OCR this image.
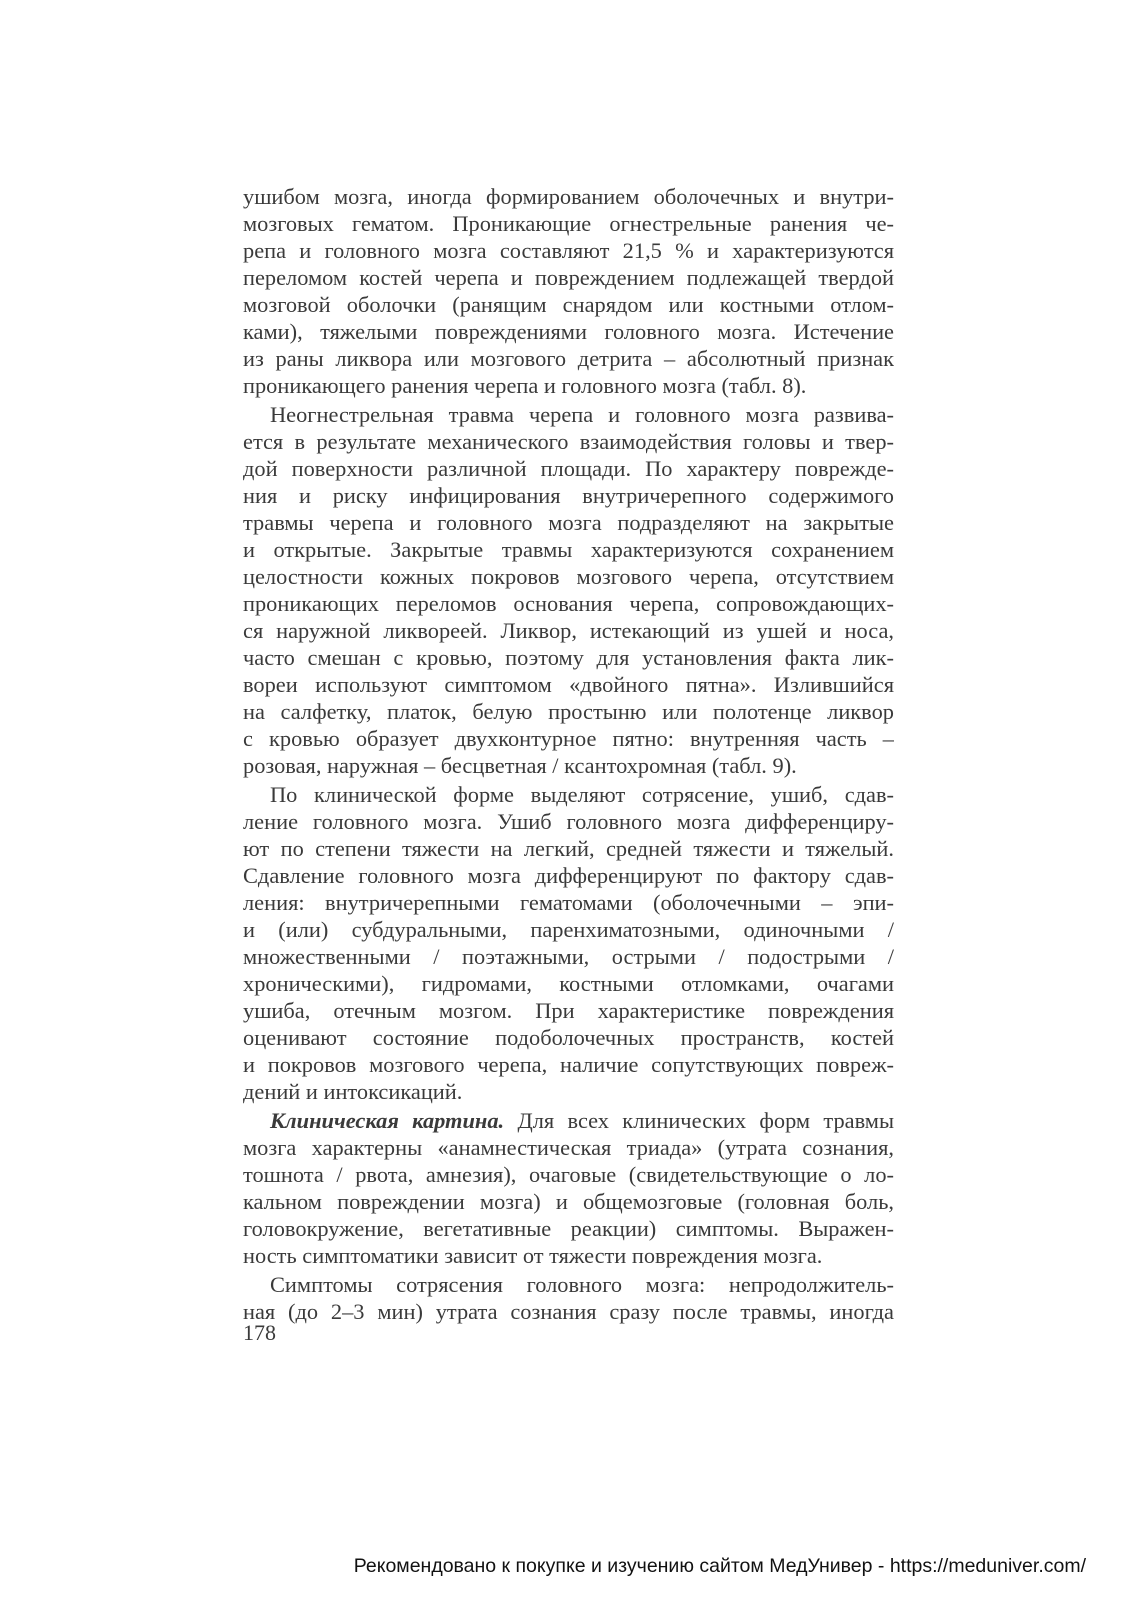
ушибом мозга, иногда формированием оболочечных и внутри-
мозговых гематом. Проникающие огнестрельные ранения че-
репа и головного мозга составляют 21,5 % и характеризуются
переломом костей черепа и повреждением подлежащей твердой
мозговой оболочки (ранящим снарядом или костными отлом-
ками), тяжелыми повреждениями головного мозга. Истечение
из раны ликвора или мозгового детрита – абсолютный признак
проникающего ранения черепа и головного мозга (табл. 8).
Неогнестрельная травма черепа и головного мозга развива-
ется в результате механического взаимодействия головы и твер-
дой поверхности различной площади. По характеру поврежде-
ния и риску инфицирования внутричерепного содержимого
травмы черепа и головного мозга подразделяют на закрытые
и открытые. Закрытые травмы характеризуются сохранением
целостности кожных покровов мозгового черепа, отсутствием
проникающих переломов основания черепа, сопровождающих-
ся наружной ликвореей. Ликвор, истекающий из ушей и носа,
часто смешан с кровью, поэтому для установления факта лик-
вореи используют симптомом «двойного пятна». Излившийся
на салфетку, платок, белую простыню или полотенце ликвор
с кровью образует двухконтурное пятно: внутренняя часть –
розовая, наружная – бесцветная / ксантохромная (табл. 9).
По клинической форме выделяют сотрясение, ушиб, сдав-
ление головного мозга. Ушиб головного мозга дифференциру-
ют по степени тяжести на легкий, средней тяжести и тяжелый.
Сдавление головного мозга дифференцируют по фактору сдав-
ления: внутричерепными гематомами (оболочечными – эпи-
и (или) субдуральными, паренхиматозными, одиночными /
множественными / поэтажными, острыми / подострыми /
хроническими), гидромами, костными отломками, очагами
ушиба, отечным мозгом. При характеристике повреждения
оценивают состояние подоболочечных пространств, костей
и покровов мозгового черепа, наличие сопутствующих повреж-
дений и интоксикаций.
Клиническая картина. Для всех клинических форм травмы
мозга характерны «анамнестическая триада» (утрата сознания,
тошнота / рвота, амнезия), очаговые (свидетельствующие о ло-
кальном повреждении мозга) и общемозговые (головная боль,
головокружение, вегетативные реакции) симптомы. Выражен-
ность симптоматики зависит от тяжести повреждения мозга.
Симптомы сотрясения головного мозга: непродолжитель-
ная (до 2–3 мин) утрата сознания сразу после травмы, иногда
178
Рекомендовано к покупке и изучению сайтом МедУнивер - https://meduniver.com/
